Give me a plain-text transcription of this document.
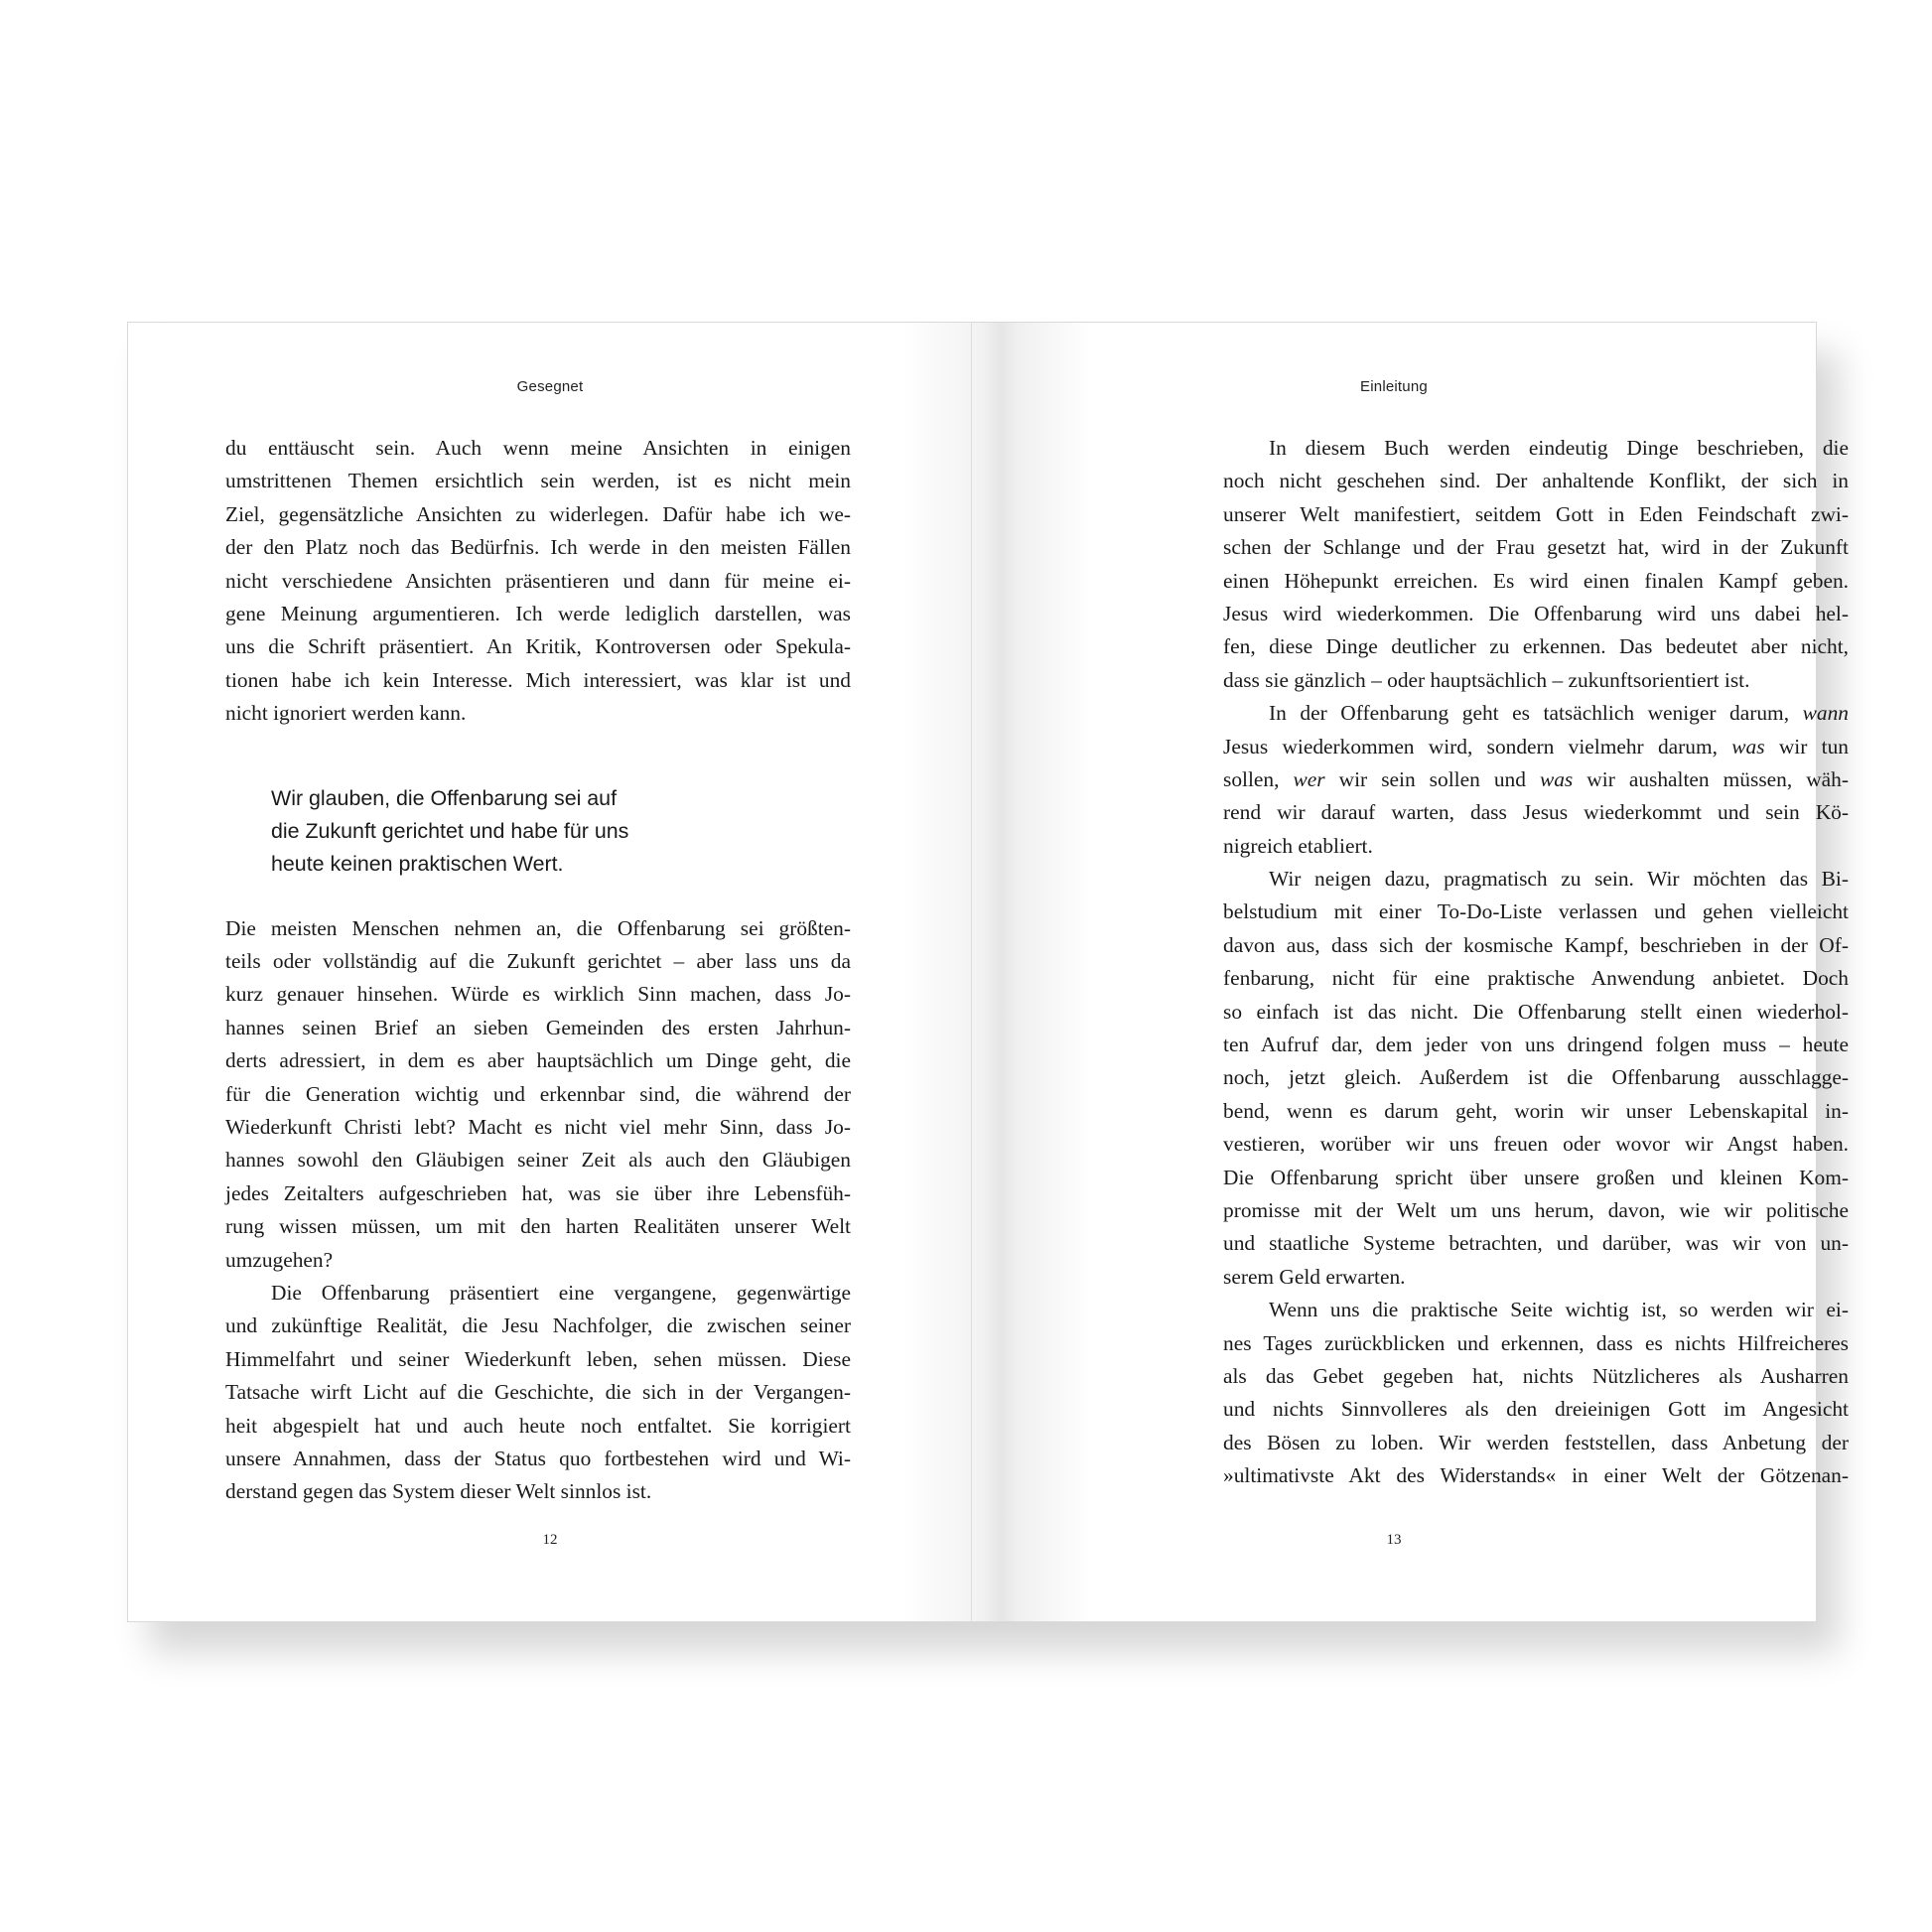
Gesegnet
du enttäuscht sein. Auch wenn meine Ansichten in einigen
umstrittenen Themen ersichtlich sein werden, ist es nicht mein
Ziel, gegensätzliche Ansichten zu widerlegen. Dafür habe ich we-
der den Platz noch das Bedürfnis. Ich werde in den meisten Fällen
nicht verschiedene Ansichten präsentieren und dann für meine ei-
gene Meinung argumentieren. Ich werde lediglich darstellen, was
uns die Schrift präsentiert. An Kritik, Kontroversen oder Spekula-
tionen habe ich kein Interesse. Mich interessiert, was klar ist und
nicht ignoriert werden kann.
Wir glauben, die Offenbarung sei auf
die Zukunft gerichtet und habe für uns
heute keinen praktischen Wert.
Die meisten Menschen nehmen an, die Offenbarung sei größten-
teils oder vollständig auf die Zukunft gerichtet – aber lass uns da
kurz genauer hinsehen. Würde es wirklich Sinn machen, dass Jo-
hannes seinen Brief an sieben Gemeinden des ersten Jahrhun-
derts adressiert, in dem es aber hauptsächlich um Dinge geht, die
für die Generation wichtig und erkennbar sind, die während der
Wiederkunft Christi lebt? Macht es nicht viel mehr Sinn, dass Jo-
hannes sowohl den Gläubigen seiner Zeit als auch den Gläubigen
jedes Zeitalters aufgeschrieben hat, was sie über ihre Lebensfüh-
rung wissen müssen, um mit den harten Realitäten unserer Welt
umzugehen?
Die Offenbarung präsentiert eine vergangene, gegenwärtige
und zukünftige Realität, die Jesu Nachfolger, die zwischen seiner
Himmelfahrt und seiner Wiederkunft leben, sehen müssen. Diese
Tatsache wirft Licht auf die Geschichte, die sich in der Vergangen-
heit abgespielt hat und auch heute noch entfaltet. Sie korrigiert
unsere Annahmen, dass der Status quo fortbestehen wird und Wi-
derstand gegen das System dieser Welt sinnlos ist.
12
Einleitung
In diesem Buch werden eindeutig Dinge beschrieben, die
noch nicht geschehen sind. Der anhaltende Konflikt, der sich in
unserer Welt manifestiert, seitdem Gott in Eden Feindschaft zwi-
schen der Schlange und der Frau gesetzt hat, wird in der Zukunft
einen Höhepunkt erreichen. Es wird einen finalen Kampf geben.
Jesus wird wiederkommen. Die Offenbarung wird uns dabei hel-
fen, diese Dinge deutlicher zu erkennen. Das bedeutet aber nicht,
dass sie gänzlich – oder hauptsächlich – zukunftsorientiert ist.
In der Offenbarung geht es tatsächlich weniger darum, wann
Jesus wiederkommen wird, sondern vielmehr darum, was wir tun
sollen, wer wir sein sollen und was wir aushalten müssen, wäh-
rend wir darauf warten, dass Jesus wiederkommt und sein Kö-
nigreich etabliert.
Wir neigen dazu, pragmatisch zu sein. Wir möchten das Bi-
belstudium mit einer To-Do-Liste verlassen und gehen vielleicht
davon aus, dass sich der kosmische Kampf, beschrieben in der Of-
fenbarung, nicht für eine praktische Anwendung anbietet. Doch
so einfach ist das nicht. Die Offenbarung stellt einen wiederhol-
ten Aufruf dar, dem jeder von uns dringend folgen muss – heute
noch, jetzt gleich. Außerdem ist die Offenbarung ausschlagge-
bend, wenn es darum geht, worin wir unser Lebenskapital in-
vestieren, worüber wir uns freuen oder wovor wir Angst haben.
Die Offenbarung spricht über unsere großen und kleinen Kom-
promisse mit der Welt um uns herum, davon, wie wir politische
und staatliche Systeme betrachten, und darüber, was wir von un-
serem Geld erwarten.
Wenn uns die praktische Seite wichtig ist, so werden wir ei-
nes Tages zurückblicken und erkennen, dass es nichts Hilfreicheres
als das Gebet gegeben hat, nichts Nützlicheres als Ausharren
und nichts Sinnvolleres als den dreieinigen Gott im Angesicht
des Bösen zu loben. Wir werden feststellen, dass Anbetung der
»ultimativste Akt des Widerstands« in einer Welt der Götzenan-
13
